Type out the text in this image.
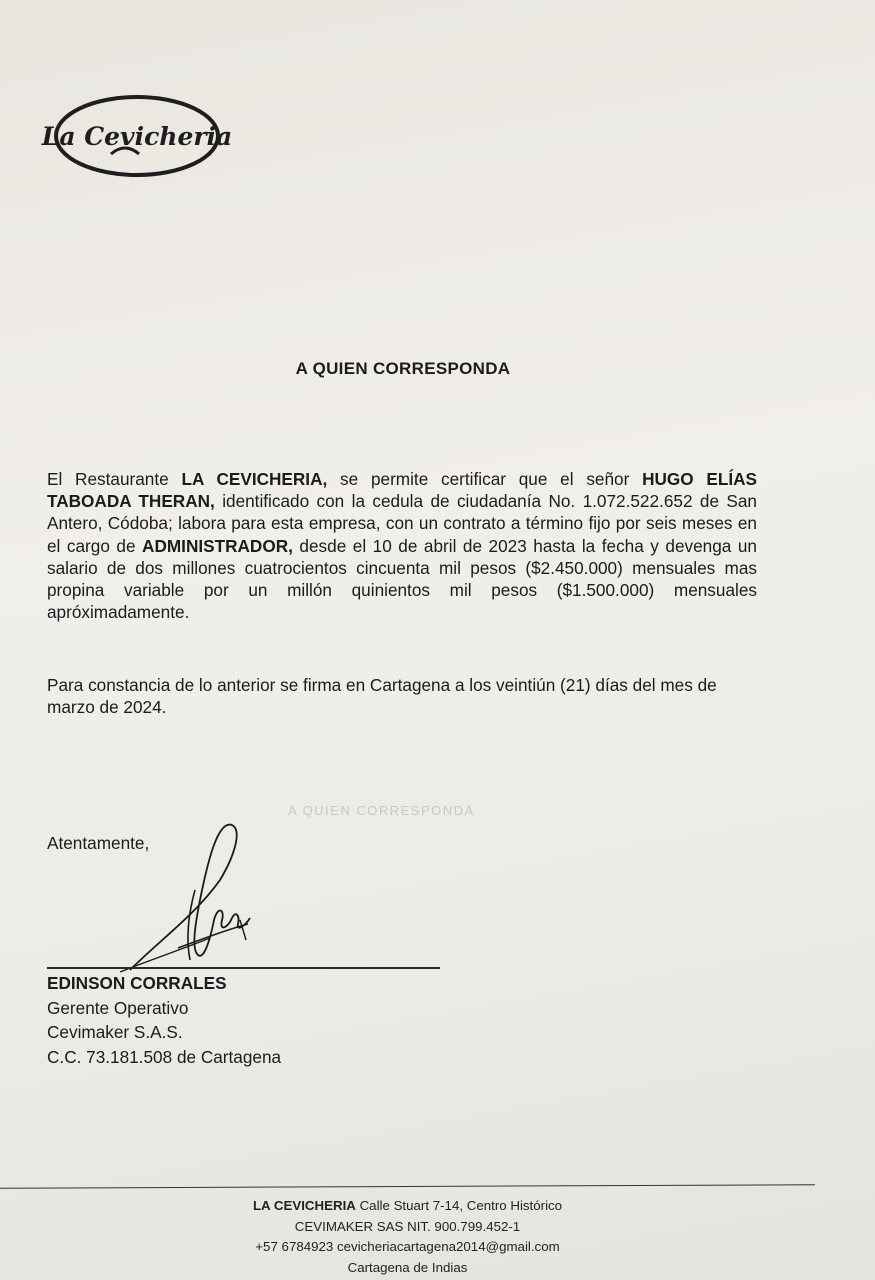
La Cevicheria
A QUIEN CORRESPONDA

El Restaurante LA CEVICHERIA, se permite certificar que el señor HUGO ELÍAS TABOADA THERAN, identificado con la cedula de ciudadanía No. 1.072.522.652 de San Antero, Códoba; labora para esta empresa, con un contrato a término fijo por seis meses en el cargo de ADMINISTRADOR, desde el 10 de abril de 2023 hasta la fecha y devenga un salario de dos millones cuatrocientos cincuenta mil pesos ($2.450.000) mensuales mas propina variable por un millón quinientos mil pesos ($1.500.000) mensuales apróximadamente.

Para constancia de lo anterior se firma en Cartagena a los veintiún (21) días del mes de marzo de 2024.

A QUIEN CORRESPONDA
Atentamente,
EDINSON CORRALES
Gerente Operativo
Cevimaker S.A.S.
C.C. 73.181.508 de Cartagena
LA CEVICHERIA Calle Stuart 7-14, Centro Histórico
CEVIMAKER SAS NIT. 900.799.452-1
+57 6784923 cevicheriacartagena2014@gmail.com
Cartagena de Indias
